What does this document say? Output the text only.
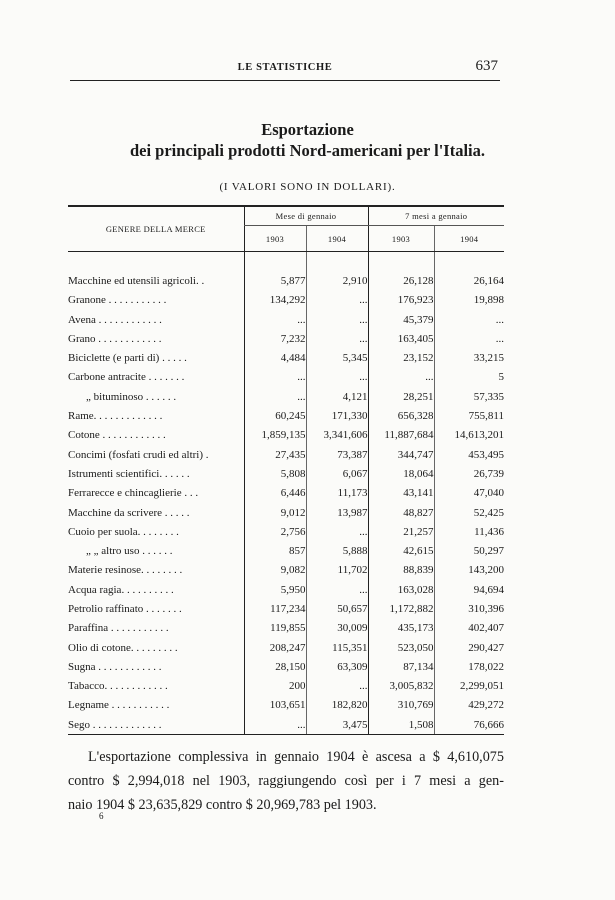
LE STATISTICHE	637
Esportazione
dei principali prodotti Nord-americani per l'Italia.
(I VALORI SONO IN DOLLARI).
GENERE DELLA MERCE	Mese di gennaio		7 mesi a gennaio	
	1903	1904	1903	1904

Macchine ed utensili agricoli. .	5,877	2,910	26,128	26,164
Granone . . . . . . . . . . .	134,292	...	176,923	19,898
Avena . . . . . . . . . . . .	...	...	45,379	...
Grano . . . . . . . . . . . .	7,232	...	163,405	...
Biciclette (e parti di) . . . . .	4,484	5,345	23,152	33,215
Carbone antracite . . . . . . .	...	...	...	5
„ bituminoso . . . . . .	...	4,121	28,251	57,335
Rame. . . . . . . . . . . . .	60,245	171,330	656,328	755,811
Cotone . . . . . . . . . . . .	1,859,135	3,341,606	11,887,684	14,613,201
Concimi (fosfati crudi ed altri) .	27,435	73,387	344,747	453,495
Istrumenti scientifici. . . . . .	5,808	6,067	18,064	26,739
Ferrarecce e chincaglierie . . .	6,446	11,173	43,141	47,040
Macchine da scrivere . . . . .	9,012	13,987	48,827	52,425
Cuoio per suola. . . . . . . .	2,756	...	21,257	11,436
„ „ altro uso . . . . . .	857	5,888	42,615	50,297
Materie resinose. . . . . . . .	9,082	11,702	88,839	143,200
Acqua ragia. . . . . . . . . .	5,950	...	163,028	94,694
Petrolio raffinato . . . . . . .	117,234	50,657	1,172,882	310,396
Paraffina . . . . . . . . . . .	119,855	30,009	435,173	402,407
Olio di cotone. . . . . . . . .	208,247	115,351	523,050	290,427
Sugna . . . . . . . . . . . .	28,150	63,309	87,134	178,022
Tabacco. . . . . . . . . . . .	200	...	3,005,832	2,299,051
Legname . . . . . . . . . . .	103,651	182,820	310,769	429,272
Sego . . . . . . . . . . . . .	...	3,475	1,508	76,666
L'esportazione complessiva in gennaio 1904 è ascesa a $ 4,610,075
contro $ 2,994,018 nel 1903, raggiungendo così per i 7 mesi a gen-
naio 1904 $ 23,635,829 contro $ 20,969,783 pel 1903.
6
